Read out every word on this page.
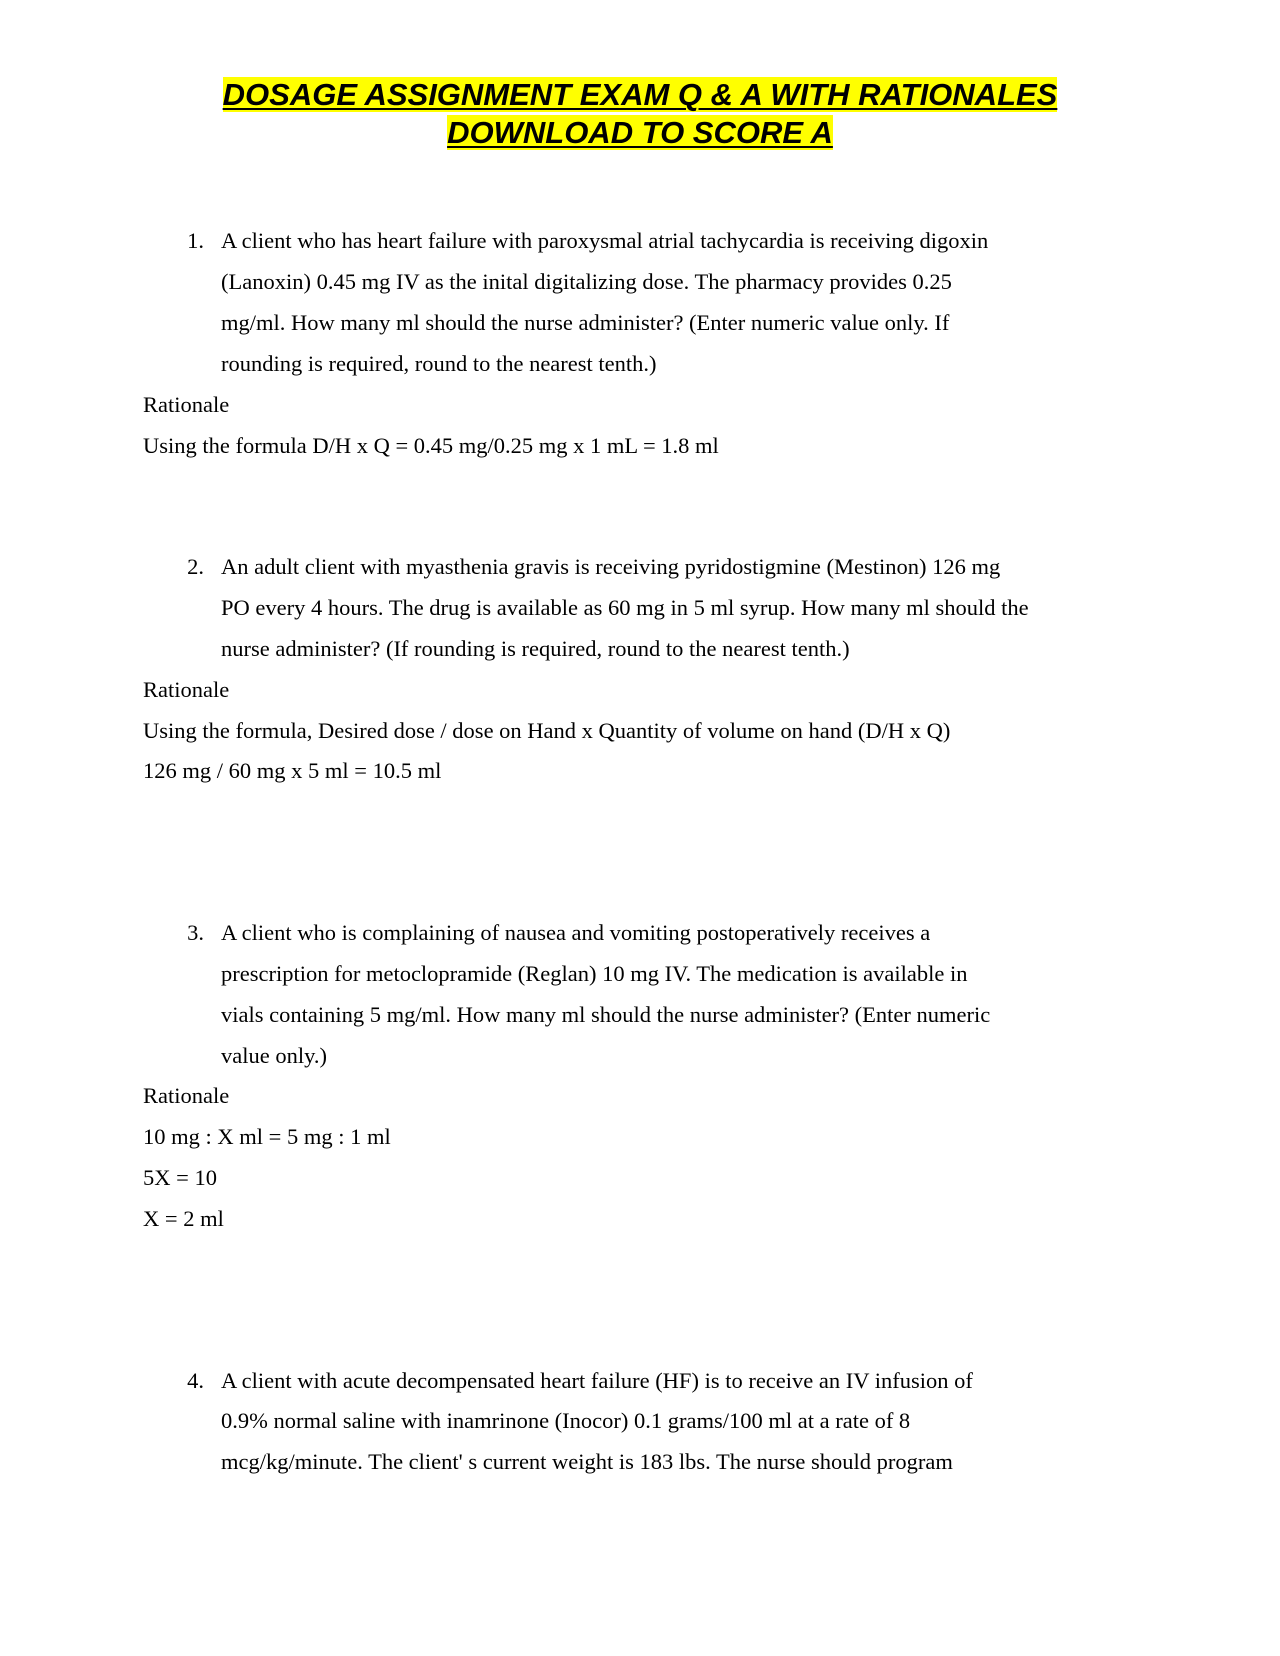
DOSAGE ASSIGNMENT EXAM Q & A WITH RATIONALES
DOWNLOAD TO SCORE A
1. A client who has heart failure with paroxysmal atrial tachycardia is receiving digoxin
(Lanoxin) 0.45 mg IV as the inital digitalizing dose. The pharmacy provides 0.25
mg/ml. How many ml should the nurse administer? (Enter numeric value only. If
rounding is required, round to the nearest tenth.)
Rationale
Using the formula D/H x Q = 0.45 mg/0.25 mg x 1 mL = 1.8 ml
2. An adult client with myasthenia gravis is receiving pyridostigmine (Mestinon) 126 mg
PO every 4 hours. The drug is available as 60 mg in 5 ml syrup. How many ml should the
nurse administer? (If rounding is required, round to the nearest tenth.)
Rationale
Using the formula, Desired dose / dose on Hand x Quantity of volume on hand (D/H x Q)
126 mg / 60 mg x 5 ml = 10.5 ml
3. A client who is complaining of nausea and vomiting postoperatively receives a
prescription for metoclopramide (Reglan) 10 mg IV. The medication is available in
vials containing 5 mg/ml. How many ml should the nurse administer? (Enter numeric
value only.)
Rationale
10 mg : X ml = 5 mg : 1 ml
5X = 10
X = 2 ml
4. A client with acute decompensated heart failure (HF) is to receive an IV infusion of
0.9% normal saline with inamrinone (Inocor) 0.1 grams/100 ml at a rate of 8
mcg/kg/minute. The client' s current weight is 183 lbs. The nurse should program
